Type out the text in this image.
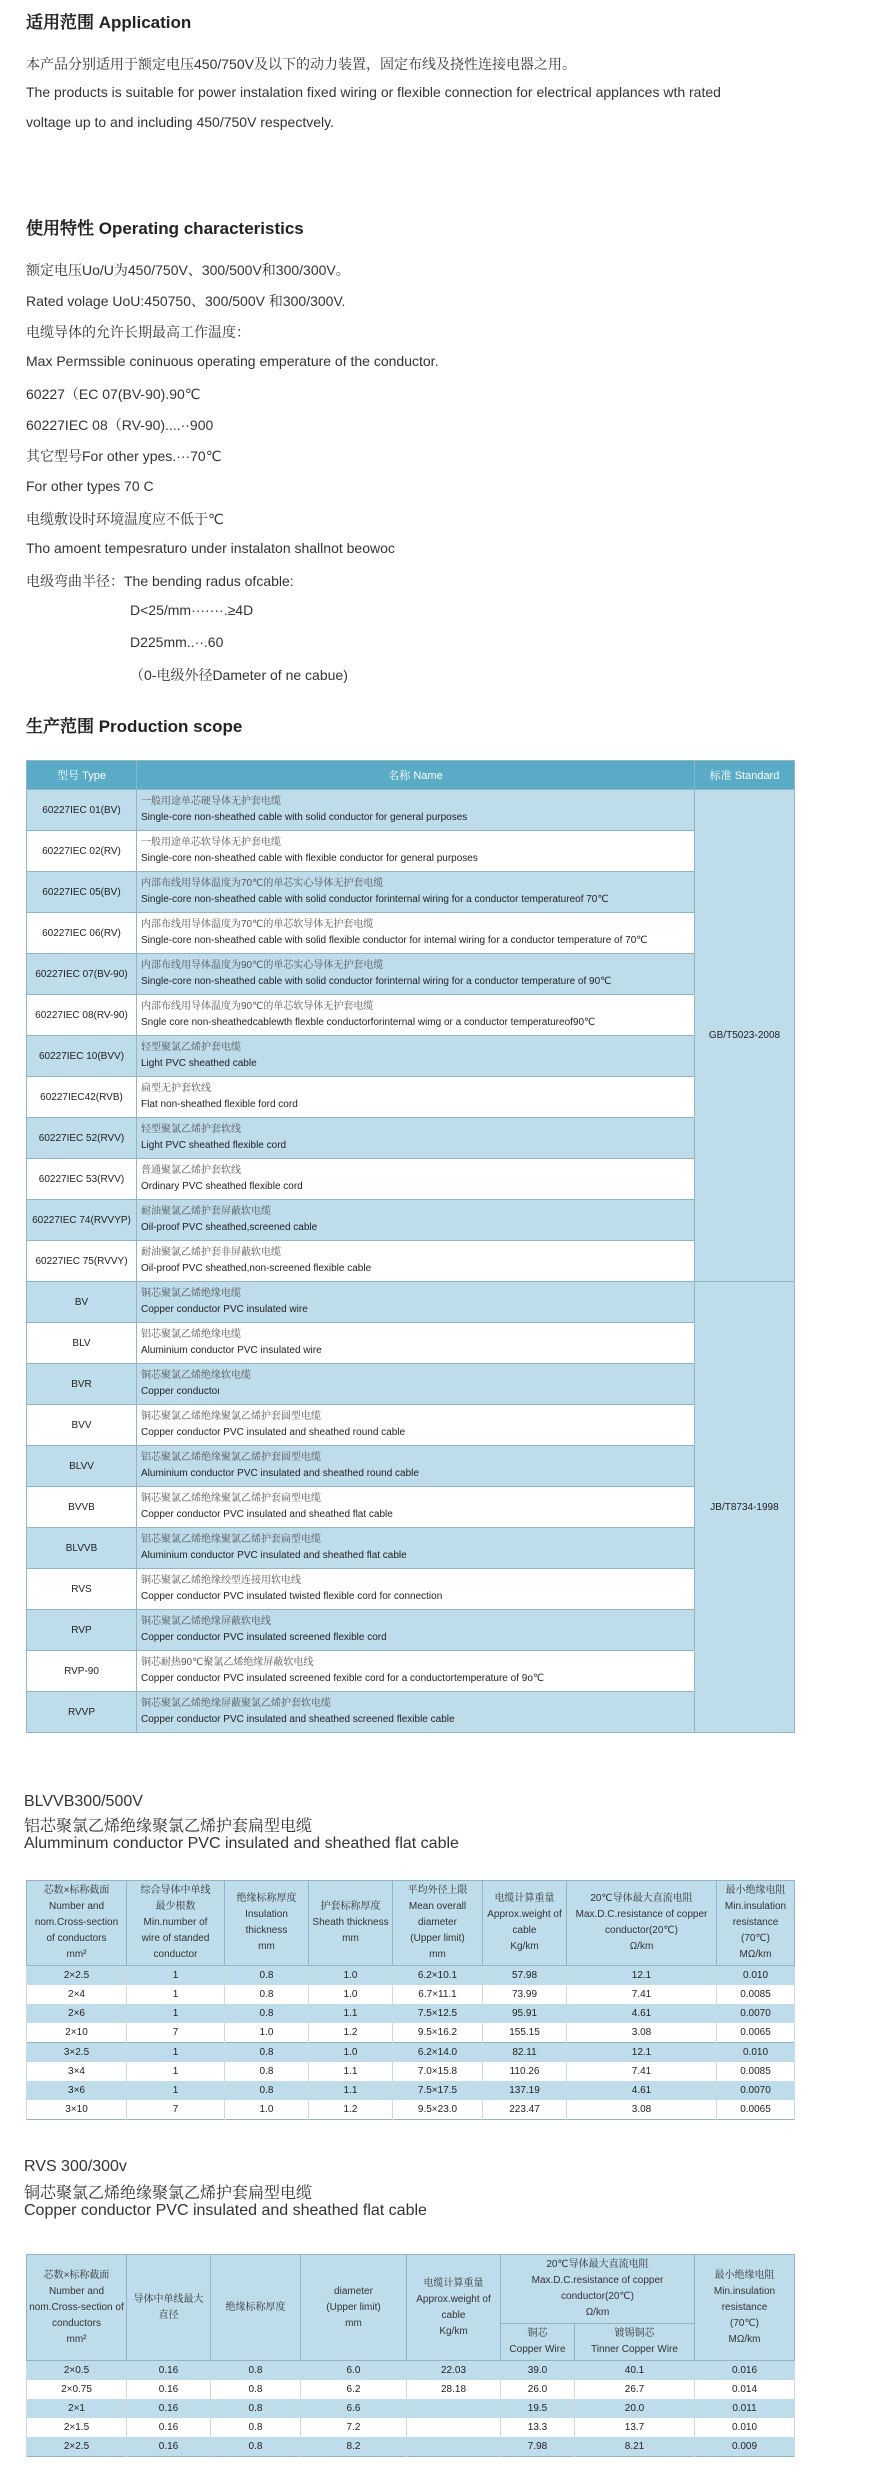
适用范围 Application
本产品分别适用于额定电压450/750V及以下的动力装置，固定布线及挠性连接电器之用。
The products is suitable for power instalation fixed wiring or flexible connection for electrical applances wth rated
voltage up to and including 450/750V respectvely.
使用特性 Operating characteristics
额定电压Uo/U为450/750V、300/500V和300/300V。
Rated volage UoU:450750、300/500V 和300/300V.
电缆导体的允许长期最高工作温度：
Max Permssible coninuous operating emperature of the conductor.
60227（EC 07(BV-90).90℃
60227IEC 08（RV-90)....··900
其它型号For other ypes.···70℃
For other types 70 C
电缆敷设时环境温度应不低于℃
Tho amoent tempesraturo under instalaton shallnot beowoc
电级弯曲半径：The bending radus ofcable:
D<25/mm·······.≥4D
D225mm..··.60
（0-电级外径Dameter of ne cabue)
生产范围 Production scope
型号 Type	名称 Name	标准 Standard
60227IEC 01(BV)	一般用途单芯硬导体无护套电缆
Single-core non-sheathed cable with solid conductor for general purposes	GB/T5023-2008
60227IEC 02(RV)	一般用途单芯软导体无护套电缆
Single-core non-sheathed cable with flexible conductor for general purposes	

60227IEC 05(BV)	内部布线用导体温度为70℃的单芯实心导体无护套电缆
Single-core non-sheathed cable with solid conductor forinternal wiring for a conductor temperatureof 70℃	

60227IEC 06(RV)	内部布线用导体温度为70℃的单芯软导体无护套电缆
Single-core non-sheathed cable with solid flexible conductor for intemal wiring for a conductor temperature of 70℃	

60227IEC 07(BV-90)	内部布线用导体温度为90℃的单芯实心导体无护套电缆
Single-core non-sheathed cable with solid conductor forinternal wiring for a conductor temperature of 90℃	

60227IEC 08(RV-90)	内部布线用导体温度为90℃的单芯软导体无护套电缆
Sngle core non-sheathedcablewth flexble conductorforinternal wimg or a conductor temperatureof90℃	

60227IEC 10(BVV)	轻型聚氯乙烯护套电缆
Light PVC sheathed cable	

60227IEC42(RVB)	扁型无护套软线
Flat non-sheathed flexible ford cord	

60227IEC 52(RVV)	轻型聚氯乙烯护套软线
Light PVC sheathed flexible cord	

60227IEC 53(RVV)	普通聚氯乙烯护套软线
Ordinary PVC sheathed flexible cord	

60227IEC 74(RVVYP)	耐油聚氯乙烯护套屏蔽软电缆
Oil-proof PVC sheathed,screened cable	

60227IEC 75(RVVY)	耐油聚氯乙烯护套非屏蔽软电缆
Oil-proof PVC sheathed,non-screened flexible cable	

BV	铜芯聚氯乙烯绝缘电缆
Copper conductor PVC insulated wire	JB/T8734-1998
BLV	铝芯聚氯乙烯绝缘电缆
Aluminium conductor PVC insulated wire	

BVR	铜芯聚氯乙烯绝缘软电缆
Copper conductoı	

BVV	铜芯聚氯乙烯绝缘聚氯乙烯护套圆型电缆
Copper conductor PVC insulated and sheathed round cable	

BLVV	铝芯聚氯乙烯绝缘聚氯乙烯护套圆型电缆
Aluminium conductor PVC insulated and sheathed round cable	

BVVB	铜芯聚氯乙烯绝缘聚氯乙烯护套扁型电缆
Copper conductor PVC insulated and sheathed flat cable	

BLVVB	铝芯聚氯乙烯绝缘聚氯乙烯护套扁型电缆
Aluminium conductor PVC insulated and sheathed flat cable	

RVS	铜芯聚氯乙烯绝缘绞型连接用软电线
Copper conductor PVC insulated twisted flexible cord for connection	

RVP	铜芯聚氯乙烯绝缘屏蔽软电线
Copper conductor PVC insulated screened flexible cord	

RVP-90	铜芯耐热90℃聚氯乙烯绝缘屏蔽软电线
Copper conductor PVC insulated screened fexible cord for a conductortemperature of 9o℃	

RVVP	铜芯聚氯乙烯绝缘屏蔽聚氯乙烯护套软电缆
Copper conductor PVC insulated and sheathed screened flexible cable	
BLVVB300/500V
铝芯聚氯乙烯绝缘聚氯乙烯护套扁型电缆
Alumminum conductor PVC insulated and sheathed flat cable
芯数×标称截面
Number and
nom.Cross-section
of conductors
mm²	综合导体中单线
最少根数
Min.number of
wire of standed
conductor	绝缘标称厚度
Insulation
thickness
mm	护套标称厚度
Sheath thickness
mm	平均外径上限
Mean overall
diameter
(Upper limit)
mm	电缆计算重量
Approx.weight of
cable
Kg/km	20℃导体最大直流电阻
Max.D.C.resistance of copper
conductor(20℃)
Ω/km	最小绝缘电阻
Min.insulation
resistance
(70℃)
MΩ/km
2×2.5	1	0.8	1.0	6.2×10.1	57.98	12.1	0.010
2×4	1	0.8	1.0	6.7×11.1	73.99	7.41	0.0085
2×6	1	0.8	1.1	7.5×12.5	95.91	4.61	0.0070
2×10	7	1.0	1.2	9.5×16.2	155.15	3.08	0.0065
3×2.5	1	0.8	1.0	6.2×14.0	82.11	12.1	0.010
3×4	1	0.8	1.1	7.0×15.8	110.26	7.41	0.0085
3×6	1	0.8	1.1	7.5×17.5	137.19	4.61	0.0070
3×10	7	1.0	1.2	9.5×23.0	223.47	3.08	0.0065
RVS 300/300v
铜芯聚氯乙烯绝缘聚氯乙烯护套扁型电缆
Copper conductor PVC insulated and sheathed flat cable
芯数×标称截面
Number and
nom.Cross-section of
conductors
mm²	导体中单线最大
直径	绝缘标称厚度	diameter
(Upper limit)
mm	电缆计算重量
Approx.weight of
cable
Kg/km	20℃导体最大直流电阻
Max.D.C.resistance of copper
conductor(20℃)
Ω/km		最小绝缘电阻
Min.insulation
resistance
(70℃)
MΩ/km
					铜芯
Copper Wire	镀锡铜芯
Tinner Copper Wire	
2×0.5	0.16	0.8	6.0	22.03	39.0	40.1	0.016
2×0.75	0.16	0.8	6.2	28.18	26.0	26.7	0.014
2×1	0.16	0.8	6.6		19.5	20.0	0.011
2×1.5	0.16	0.8	7.2		13.3	13.7	0.010
2×2.5	0.16	0.8	8.2		7.98	8.21	0.009
